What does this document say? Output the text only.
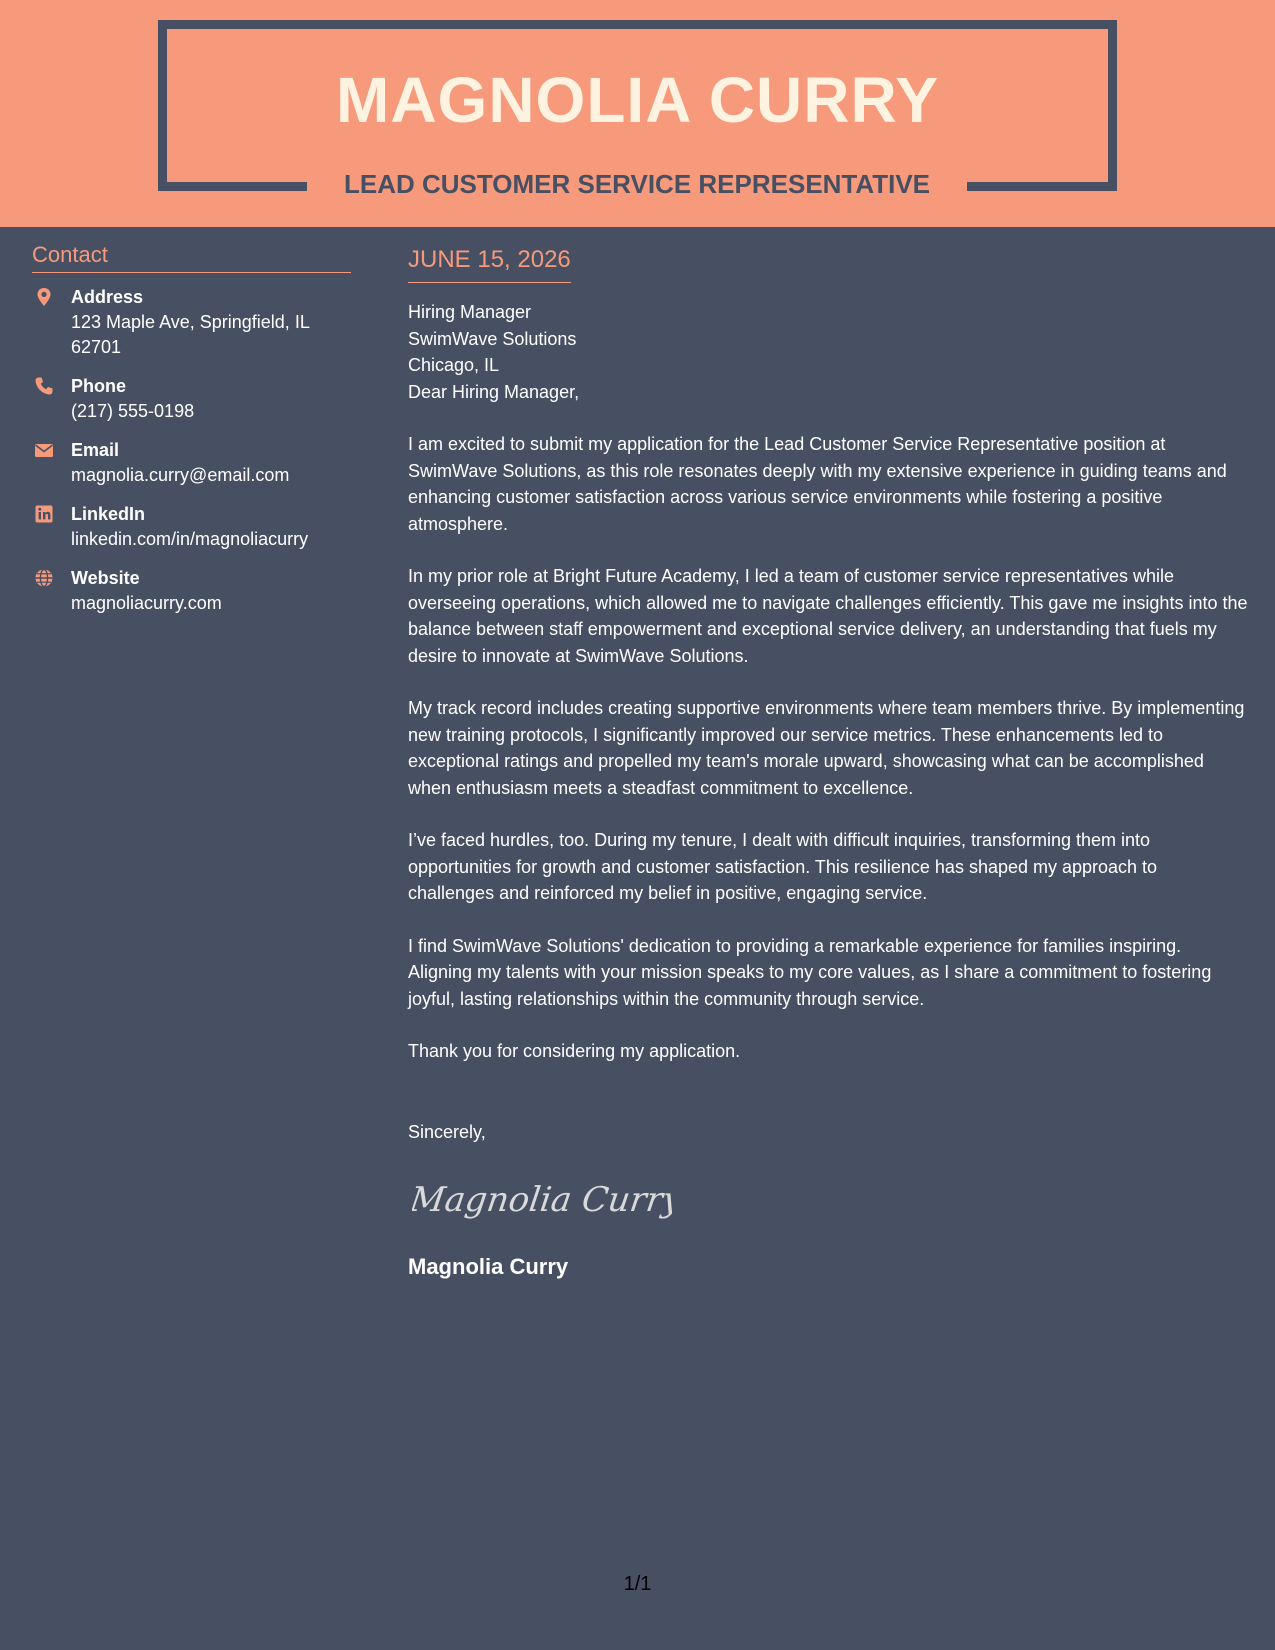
MAGNOLIA CURRY
LEAD CUSTOMER SERVICE REPRESENTATIVE
Contact
Address
123 Maple Ave, Springfield, IL 62701
Phone
(217) 555-0198
Email
magnolia.curry@email.com
LinkedIn
linkedin.com/in/magnoliacurry
Website
magnoliacurry.com
JUNE 15, 2026
Hiring Manager
SwimWave Solutions
Chicago, IL

Dear Hiring Manager,

I am excited to submit my application for the Lead Customer Service Representative position at SwimWave Solutions, as this role resonates deeply with my extensive experience in guiding teams and enhancing customer satisfaction across various service environments while fostering a positive atmosphere.

In my prior role at Bright Future Academy, I led a team of customer service representatives while overseeing operations, which allowed me to navigate challenges efficiently. This gave me insights into the balance between staff empowerment and exceptional service delivery, an understanding that fuels my desire to innovate at SwimWave Solutions.

My track record includes creating supportive environments where team members thrive. By implementing new training protocols, I significantly improved our service metrics. These enhancements led to exceptional ratings and propelled my team's morale upward, showcasing what can be accomplished when enthusiasm meets a steadfast commitment to excellence.

I’ve faced hurdles, too. During my tenure, I dealt with difficult inquiries, transforming them into opportunities for growth and customer satisfaction. This resilience has shaped my approach to challenges and reinforced my belief in positive, engaging service.

I find SwimWave Solutions' dedication to providing a remarkable experience for families inspiring. Aligning my talents with your mission speaks to my core values, as I share a commitment to fostering joyful, lasting relationships within the community through service.

Thank you for considering my application.

Sincerely,
Magnolia Curry
Magnolia Curry
1/1
